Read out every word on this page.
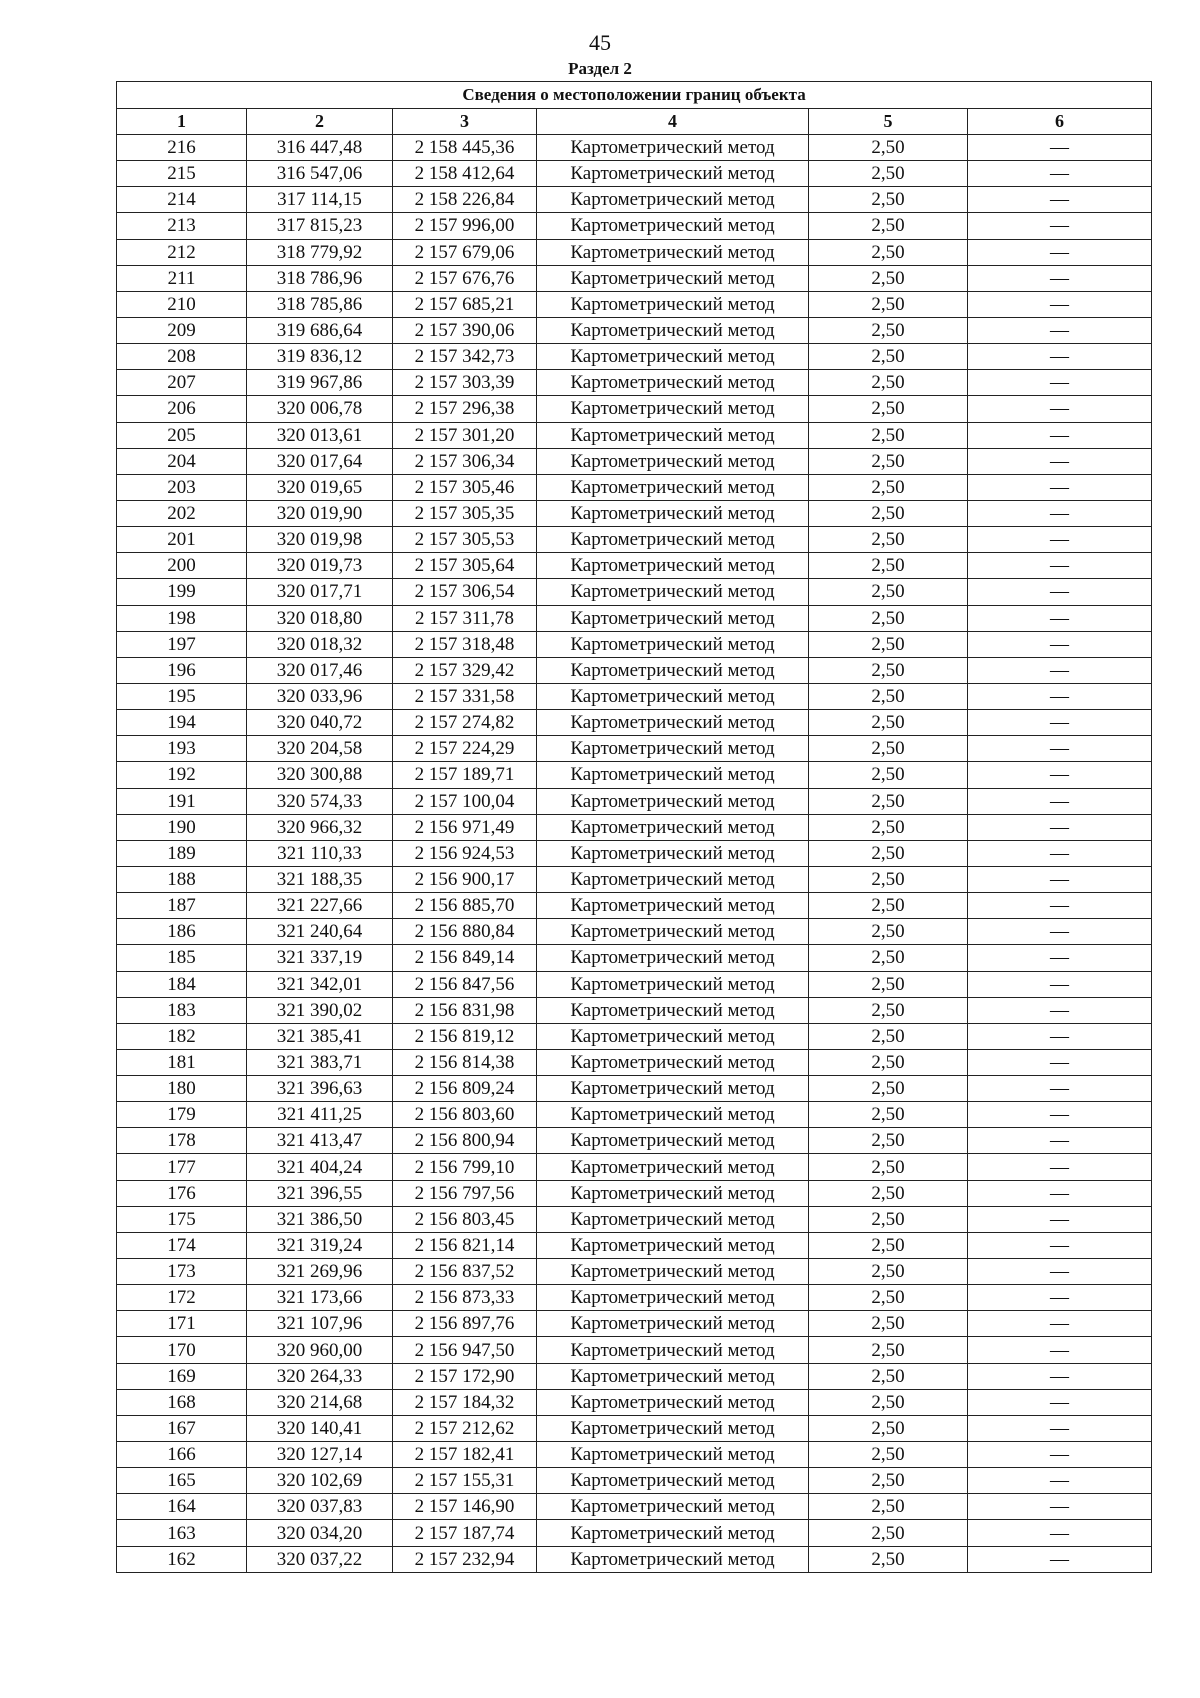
45
Раздел 2
Сведения о местоположении границ объекта					
1	2	3	4	5	6
216	316 447,48	2 158 445,36	Картометрический метод	2,50	—
215	316 547,06	2 158 412,64	Картометрический метод	2,50	—
214	317 114,15	2 158 226,84	Картометрический метод	2,50	—
213	317 815,23	2 157 996,00	Картометрический метод	2,50	—
212	318 779,92	2 157 679,06	Картометрический метод	2,50	—
211	318 786,96	2 157 676,76	Картометрический метод	2,50	—
210	318 785,86	2 157 685,21	Картометрический метод	2,50	—
209	319 686,64	2 157 390,06	Картометрический метод	2,50	—
208	319 836,12	2 157 342,73	Картометрический метод	2,50	—
207	319 967,86	2 157 303,39	Картометрический метод	2,50	—
206	320 006,78	2 157 296,38	Картометрический метод	2,50	—
205	320 013,61	2 157 301,20	Картометрический метод	2,50	—
204	320 017,64	2 157 306,34	Картометрический метод	2,50	—
203	320 019,65	2 157 305,46	Картометрический метод	2,50	—
202	320 019,90	2 157 305,35	Картометрический метод	2,50	—
201	320 019,98	2 157 305,53	Картометрический метод	2,50	—
200	320 019,73	2 157 305,64	Картометрический метод	2,50	—
199	320 017,71	2 157 306,54	Картометрический метод	2,50	—
198	320 018,80	2 157 311,78	Картометрический метод	2,50	—
197	320 018,32	2 157 318,48	Картометрический метод	2,50	—
196	320 017,46	2 157 329,42	Картометрический метод	2,50	—
195	320 033,96	2 157 331,58	Картометрический метод	2,50	—
194	320 040,72	2 157 274,82	Картометрический метод	2,50	—
193	320 204,58	2 157 224,29	Картометрический метод	2,50	—
192	320 300,88	2 157 189,71	Картометрический метод	2,50	—
191	320 574,33	2 157 100,04	Картометрический метод	2,50	—
190	320 966,32	2 156 971,49	Картометрический метод	2,50	—
189	321 110,33	2 156 924,53	Картометрический метод	2,50	—
188	321 188,35	2 156 900,17	Картометрический метод	2,50	—
187	321 227,66	2 156 885,70	Картометрический метод	2,50	—
186	321 240,64	2 156 880,84	Картометрический метод	2,50	—
185	321 337,19	2 156 849,14	Картометрический метод	2,50	—
184	321 342,01	2 156 847,56	Картометрический метод	2,50	—
183	321 390,02	2 156 831,98	Картометрический метод	2,50	—
182	321 385,41	2 156 819,12	Картометрический метод	2,50	—
181	321 383,71	2 156 814,38	Картометрический метод	2,50	—
180	321 396,63	2 156 809,24	Картометрический метод	2,50	—
179	321 411,25	2 156 803,60	Картометрический метод	2,50	—
178	321 413,47	2 156 800,94	Картометрический метод	2,50	—
177	321 404,24	2 156 799,10	Картометрический метод	2,50	—
176	321 396,55	2 156 797,56	Картометрический метод	2,50	—
175	321 386,50	2 156 803,45	Картометрический метод	2,50	—
174	321 319,24	2 156 821,14	Картометрический метод	2,50	—
173	321 269,96	2 156 837,52	Картометрический метод	2,50	—
172	321 173,66	2 156 873,33	Картометрический метод	2,50	—
171	321 107,96	2 156 897,76	Картометрический метод	2,50	—
170	320 960,00	2 156 947,50	Картометрический метод	2,50	—
169	320 264,33	2 157 172,90	Картометрический метод	2,50	—
168	320 214,68	2 157 184,32	Картометрический метод	2,50	—
167	320 140,41	2 157 212,62	Картометрический метод	2,50	—
166	320 127,14	2 157 182,41	Картометрический метод	2,50	—
165	320 102,69	2 157 155,31	Картометрический метод	2,50	—
164	320 037,83	2 157 146,90	Картометрический метод	2,50	—
163	320 034,20	2 157 187,74	Картометрический метод	2,50	—
162	320 037,22	2 157 232,94	Картометрический метод	2,50	—
